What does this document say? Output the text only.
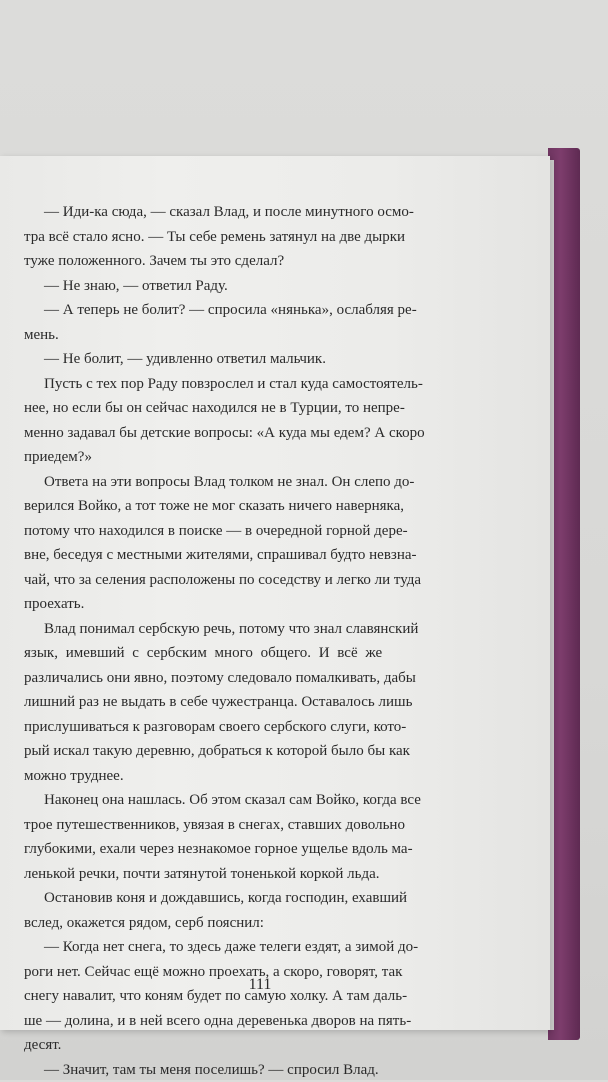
— Иди-ка сюда, — сказал Влад, и после минутного осмо-
тра всё стало ясно. — Ты себе ремень затянул на две дырки
туже положенного. Зачем ты это сделал?
— Не знаю, — ответил Раду.
— А теперь не болит? — спросила «нянька», ослабляя ре-
мень.
— Не болит, — удивленно ответил мальчик.
Пусть с тех пор Раду повзрослел и стал куда самостоятель-
нее, но если бы он сейчас находился не в Турции, то непре-
менно задавал бы детские вопросы: «А куда мы едем? А скоро
приедем?»
Ответа на эти вопросы Влад толком не знал. Он слепо до-
верился Войко, а тот тоже не мог сказать ничего наверняка,
потому что находился в поиске — в очередной горной дере-
вне, беседуя с местными жителями, спрашивал будто невзна-
чай, что за селения расположены по соседству и легко ли туда
проехать.
Влад понимал сербскую речь, потому что знал славянский
язык, имевший с сербским много общего. И всё же
различались они явно, поэтому следовало помалкивать, дабы
лишний раз не выдать в себе чужестранца. Оставалось лишь
прислушиваться к разговорам своего сербского слуги, кото-
рый искал такую деревню, добраться к которой было бы как
можно труднее.
Наконец она нашлась. Об этом сказал сам Войко, когда все
трое путешественников, увязая в снегах, ставших довольно
глубокими, ехали через незнакомое горное ущелье вдоль ма-
ленькой речки, почти затянутой тоненькой коркой льда.
Остановив коня и дождавшись, когда господин, ехавший
вслед, окажется рядом, серб пояснил:
— Когда нет снега, то здесь даже телеги ездят, а зимой до-
роги нет. Сейчас ещё можно проехать, а скоро, говорят, так
снегу навалит, что коням будет по самую холку. А там даль-
ше — долина, и в ней всего одна деревенька дворов на пять-
десят.
— Значит, там ты меня поселишь? — спросил Влад.
111
